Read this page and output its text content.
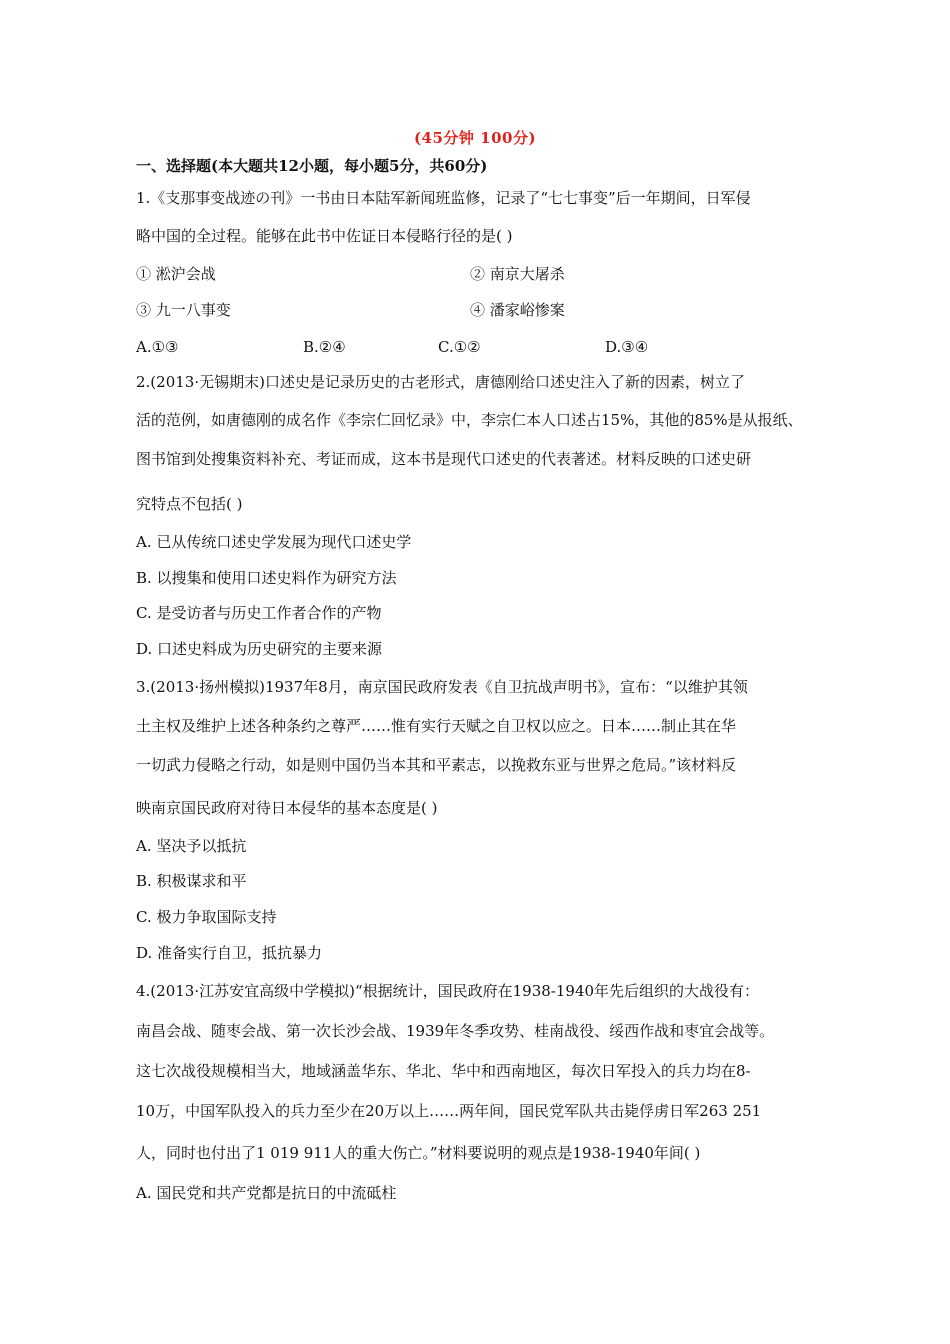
(45分钟 100分)
一、选择题(本大题共12小题，每小题5分，共60分)
1.《支那事变战迹の刊》一书由日本陆军新闻班监修，记录了“七七事变”后一年期间，日军侵
略中国的全过程。能够在此书中佐证日本侵略行径的是( )
① 淞沪会战	② 南京大屠杀
③ 九一八事变	④ 潘家峪惨案
A.①③	B.②④	C.①②	D.③④
2.(2013·无锡期末)口述史是记录历史的古老形式，唐德刚给口述史注入了新的因素，树立了
活的范例，如唐德刚的成名作《李宗仁回忆录》中，李宗仁本人口述占15%，其他的85%是从报纸、
图书馆到处搜集资料补充、考证而成，这本书是现代口述史的代表著述。材料反映的口述史研
究特点不包括( )
A. 已从传统口述史学发展为现代口述史学
B. 以搜集和使用口述史料作为研究方法
C. 是受访者与历史工作者合作的产物
D. 口述史料成为历史研究的主要来源
3.(2013·扬州模拟)1937年8月，南京国民政府发表《自卫抗战声明书》，宣布：“以维护其领
土主权及维护上述各种条约之尊严……惟有实行天赋之自卫权以应之。日本……制止其在华
一切武力侵略之行动，如是则中国仍当本其和平素志，以挽救东亚与世界之危局。”该材料反
映南京国民政府对待日本侵华的基本态度是( )
A. 坚决予以抵抗
B. 积极谋求和平
C. 极力争取国际支持
D. 准备实行自卫，抵抗暴力
4.(2013·江苏安宜高级中学模拟)“根据统计，国民政府在1938-1940年先后组织的大战役有：
南昌会战、随枣会战、第一次长沙会战、1939年冬季攻势、桂南战役、绥西作战和枣宜会战等。
这七次战役规模相当大，地域涵盖华东、华北、华中和西南地区，每次日军投入的兵力均在8-
10万，中国军队投入的兵力至少在20万以上……两年间，国民党军队共击毙俘虏日军263 251
人，同时也付出了1 019 911人的重大伤亡。”材料要说明的观点是1938-1940年间( )
A. 国民党和共产党都是抗日的中流砥柱
